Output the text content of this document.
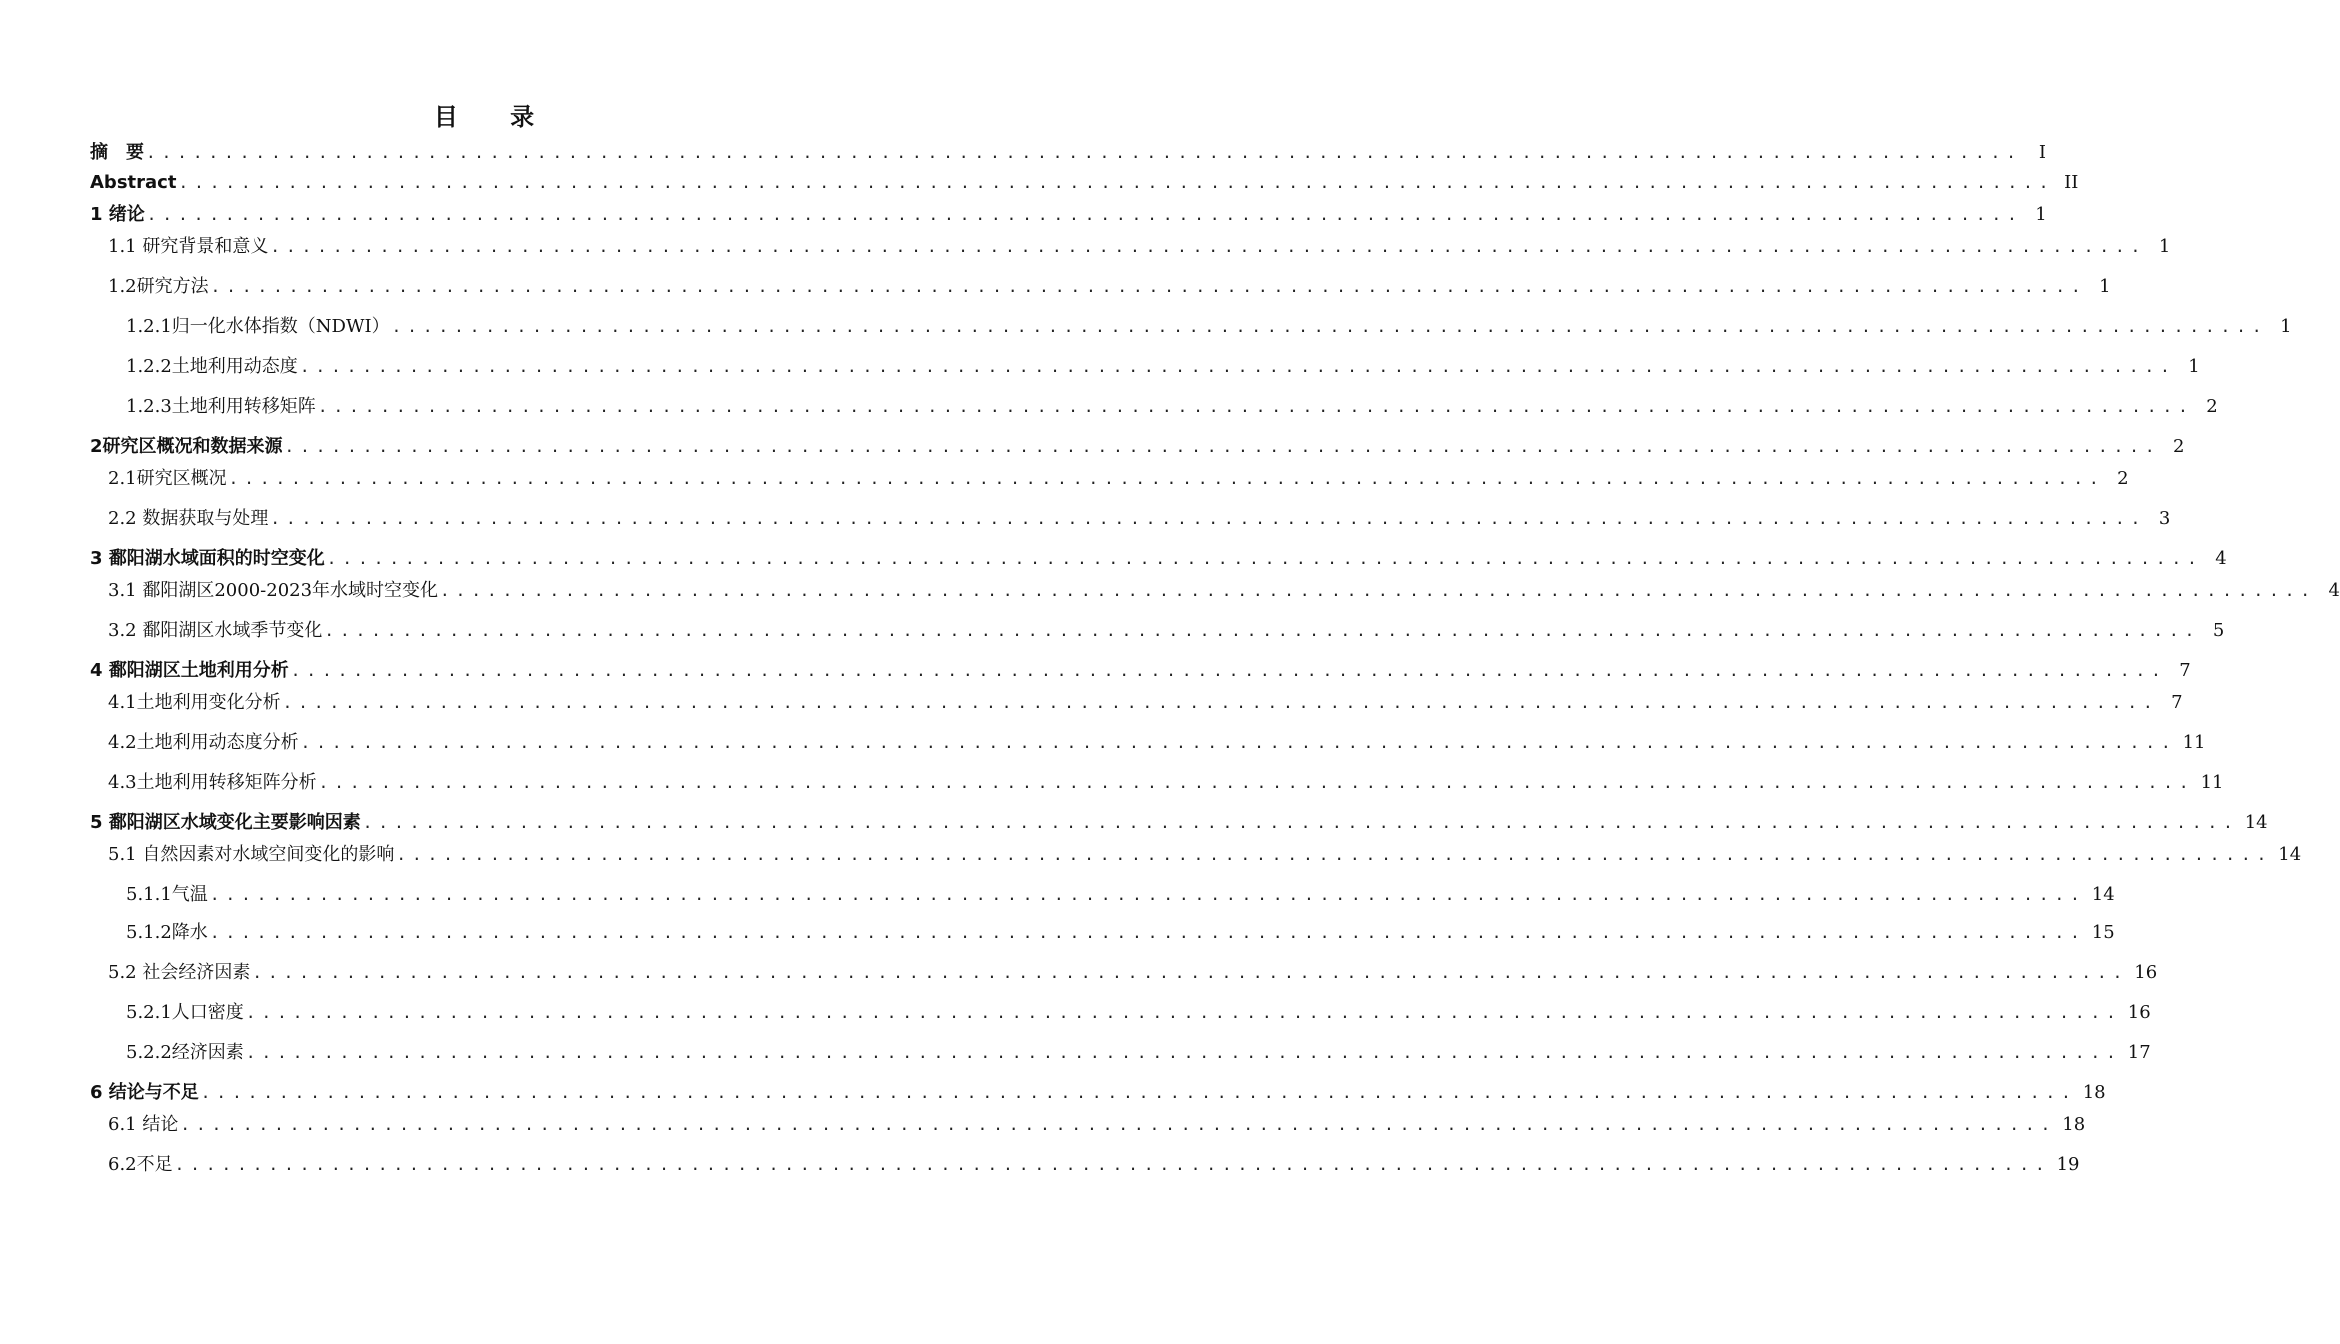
目 录
摘　要 ........................................................................................................................ I
Abstract ........................................................................................................................ II
1 绪论 ........................................................................................................................ 1
1.1 研究背景和意义 ........................................................................................................................ 1
1.2研究方法 ........................................................................................................................ 1
1.2.1归一化水体指数（NDWI） ........................................................................................................................ 1
1.2.2土地利用动态度 ........................................................................................................................ 1
1.2.3土地利用转移矩阵 ........................................................................................................................ 2
2研究区概况和数据来源 ........................................................................................................................ 2
2.1研究区概况 ........................................................................................................................ 2
2.2 数据获取与处理 ........................................................................................................................ 3
3 鄱阳湖水域面积的时空变化 ........................................................................................................................ 4
3.1 鄱阳湖区2000-2023年水域时空变化 ........................................................................................................................ 4
3.2 鄱阳湖区水域季节变化 ........................................................................................................................ 5
4 鄱阳湖区土地利用分析 ........................................................................................................................ 7
4.1土地利用变化分析 ........................................................................................................................ 7
4.2土地利用动态度分析 ........................................................................................................................ 11
4.3土地利用转移矩阵分析 ........................................................................................................................ 11
5 鄱阳湖区水域变化主要影响因素 ........................................................................................................................ 14
5.1 自然因素对水域空间变化的影响 ........................................................................................................................ 14
5.1.1气温 ........................................................................................................................ 14
5.1.2降水 ........................................................................................................................ 15
5.2 社会经济因素 ........................................................................................................................ 16
5.2.1人口密度 ........................................................................................................................ 16
5.2.2经济因素 ........................................................................................................................ 17
6 结论与不足 ........................................................................................................................ 18
6.1 结论 ........................................................................................................................ 18
6.2不足 ........................................................................................................................ 19
